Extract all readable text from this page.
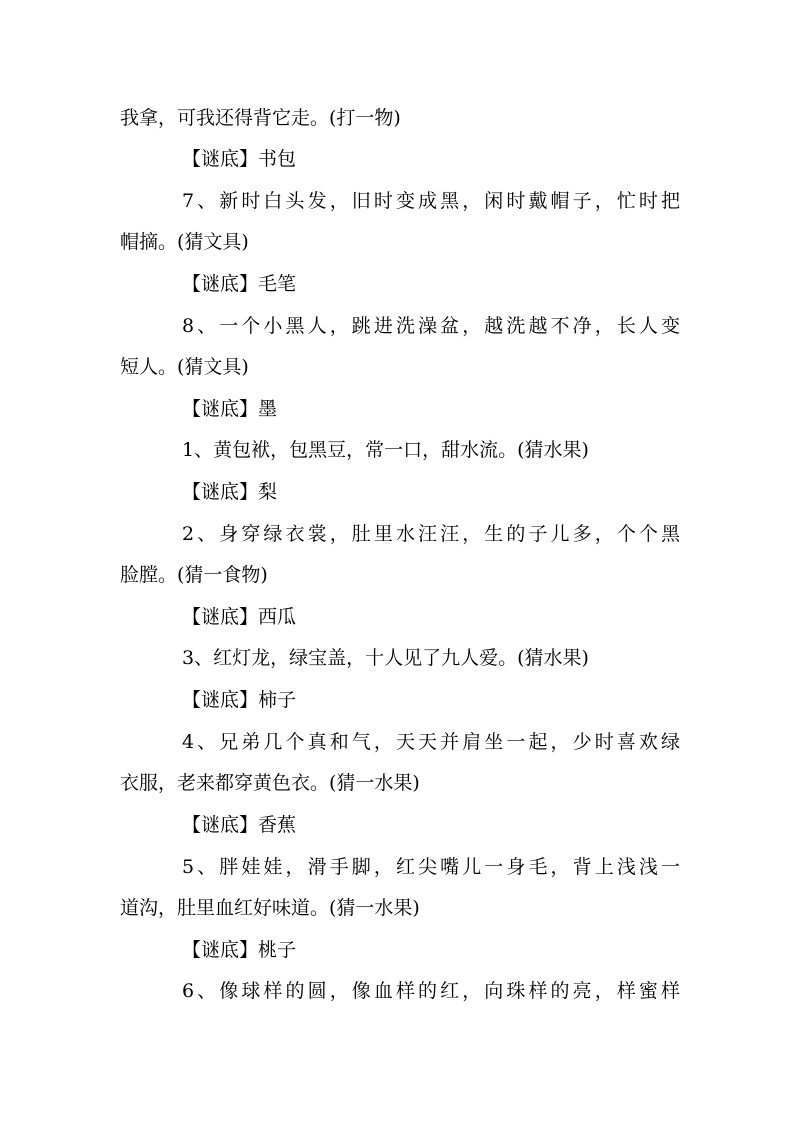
我拿，可我还得背它走。(打一物)
【谜底】书包
7、新时白头发，旧时变成黑，闲时戴帽子，忙时把
帽摘。(猜文具)
【谜底】毛笔
8、一个小黑人，跳进洗澡盆，越洗越不净，长人变
短人。(猜文具)
【谜底】墨
1、黄包袱，包黑豆，常一口，甜水流。(猜水果)
【谜底】梨
2、身穿绿衣裳，肚里水汪汪，生的子儿多，个个黑
脸膛。(猜一食物)
【谜底】西瓜
3、红灯龙，绿宝盖，十人见了九人爱。(猜水果)
【谜底】柿子
4、兄弟几个真和气，天天并肩坐一起，少时喜欢绿
衣服，老来都穿黄色衣。(猜一水果)
【谜底】香蕉
5、胖娃娃，滑手脚，红尖嘴儿一身毛，背上浅浅一
道沟，肚里血红好味道。(猜一水果)
【谜底】桃子
6、像球样的圆，像血样的红，向珠样的亮，样蜜样
